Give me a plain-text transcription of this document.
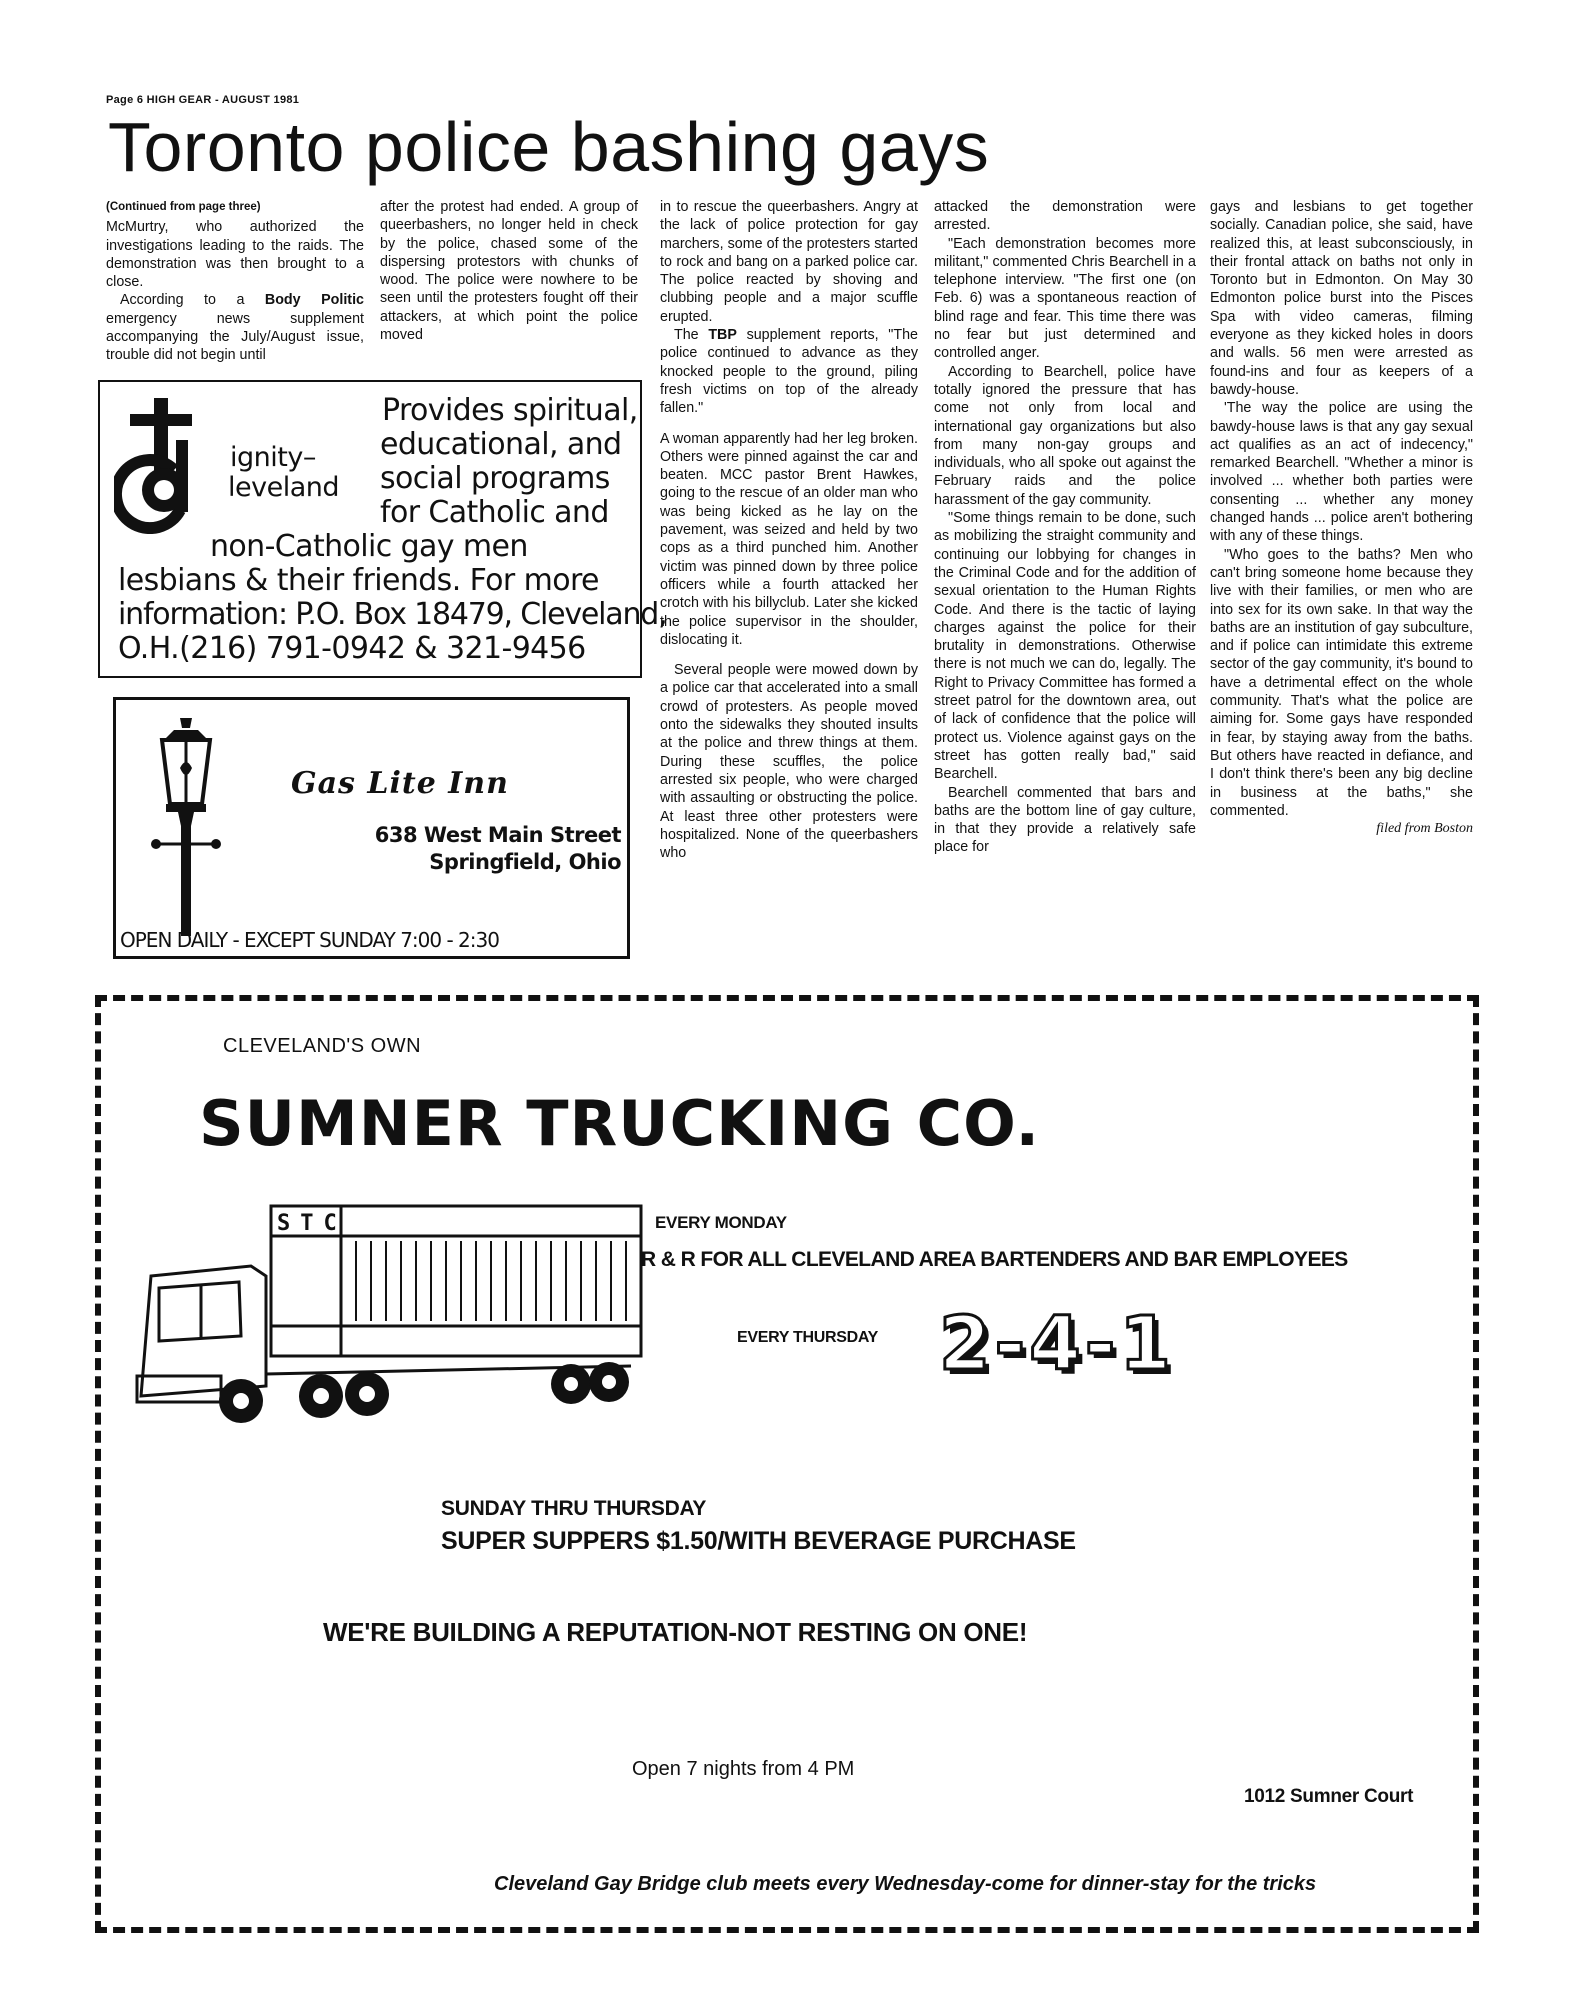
Page 6 HIGH GEAR - AUGUST 1981
Toronto police bashing gays

(Continued from page three)

McMurtry, who authorized the investigations leading to the raids. The demonstration was then brought to a close.

According to a Body Politic emergency news supplement accompanying the July/August issue, trouble did not begin until

after the protest had ended. A group of queerbashers, no longer held in check by the police, chased some of the dispersing protestors with chunks of wood. The police were nowhere to be seen until the protesters fought off their attackers, at which point the police moved

in to rescue the queerbashers. Angry at the lack of police protection for gay marchers, some of the protesters started to rock and bang on a parked police car. The police reacted by shoving and clubbing people and a major scuffle erupted.

The TBP supplement reports, "The police continued to advance as they knocked people to the ground, piling fresh victims on top of the already fallen."

A woman apparently had her leg broken. Others were pinned against the car and beaten. MCC pastor Brent Hawkes, going to the rescue of an older man who was being kicked as he lay on the pavement, was seized and held by two cops as a third punched him. Another victim was pinned down by three police officers while a fourth attacked her crotch with his billyclub. Later she kicked the police supervisor in the shoulder, dislocating it.

Several people were mowed down by a police car that accelerated into a small crowd of protesters. As people moved onto the sidewalks they shouted insults at the police and threw things at them. During these scuffles, the police arrested six people, who were charged with assaulting or obstructing the police. At least three other protesters were hospitalized. None of the queerbashers who

attacked the demonstration were arrested.

"Each demonstration becomes more militant," commented Chris Bearchell in a telephone interview. "The first one (on Feb. 6) was a spontaneous reaction of blind rage and fear. This time there was no fear but just determined and controlled anger.

According to Bearchell, police have totally ignored the pressure that has come not only from local and international gay organizations but also from many non-gay groups and individuals, who all spoke out against the February raids and the police harassment of the gay community.

"Some things remain to be done, such as mobilizing the straight community and continuing our lobbying for changes in the Criminal Code and for the addition of sexual orientation to the Human Rights Code. And there is the tactic of laying charges against the police for their brutality in demonstrations. Otherwise there is not much we can do, legally. The Right to Privacy Committee has formed a street patrol for the downtown area, out of lack of confidence that the police will protect us. Violence against gays on the street has gotten really bad," said Bearchell.

Bearchell commented that bars and baths are the bottom line of gay culture, in that they provide a relatively safe place for

gays and lesbians to get together socially. Canadian police, she said, have realized this, at least subconsciously, in their frontal attack on baths not only in Toronto but in Edmonton. On May 30 Edmonton police burst into the Pisces Spa with video cameras, filming everyone as they kicked holes in doors and walls. 56 men were arrested as found-ins and four as keepers of a bawdy-house.

'The way the police are using the bawdy-house laws is that any gay sexual act qualifies as an act of indecency," remarked Bearchell. "Whether a minor is involved ... whether both parties were consenting ... whether any money changed hands ... police aren't bothering with any of these things.

"Who goes to the baths? Men who can't bring someone home because they live with their families, or men who are into sex for its own sake. In that way the baths are an institution of gay subculture, and if police can intimidate this extreme sector of the gay community, it's bound to have a detrimental effect on the whole community. That's what the police are aiming for. Some gays have responded in fear, by staying away from the baths. But others have reacted in defiance, and I don't think there's been any big decline in business at the baths," she commented.

filed from Boston
ignity–
leveland
Provides spiritual,
educational, and
social programs
for Catholic and
non-Catholic gay men
lesbians & their friends. For more
information: P.O. Box 18479, Cleveland,
O.H.(216) 791-0942 & 321-9456
Gas Lite Inn
638 West Main Street
Springfield, Ohio
OPEN DAILY - EXCEPT SUNDAY 7:00 - 2:30
CLEVELAND'S OWN
SUMNER TRUCKING CO.
STC	EVERY MONDAY
R & R FOR ALL CLEVELAND AREA BARTENDERS AND BAR EMPLOYEES
EVERY THURSDAY 2-4-1
SUNDAY THRU THURSDAY
SUPER SUPPERS $1.50/WITH BEVERAGE PURCHASE
WE'RE BUILDING A REPUTATION-NOT RESTING ON ONE!
Open 7 nights from 4 PM
1012 Sumner Court
Cleveland Gay Bridge club meets every Wednesday-come for dinner-stay for the tricks
